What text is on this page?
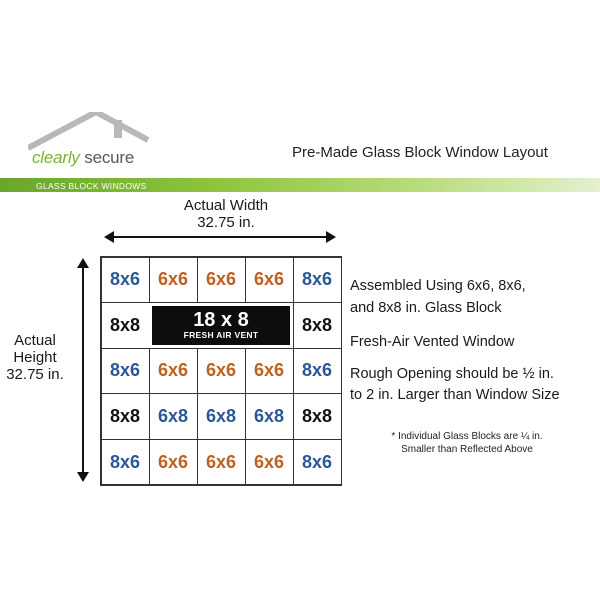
clearly secure	Pre-Made Glass Block Window Layout
GLASS BLOCK WINDOWS
Actual Width
32.75 in.
Actual
Height
32.75 in.
8x6 6x6 6x6 6x6 8x6
8x8	18 x 8
FRESH AIR VENT
8x8
8x6 6x6 6x6 6x6 8x6
8x8 6x8 6x8 6x8 8x8
8x6 6x6 6x6 6x6 8x6
Assembled Using 6x6, 8x6,
and 8x8 in. Glass Block
Fresh-Air Vented Window
Rough Opening should be ½ in.
to 2 in. Larger than Window Size
* Individual Glass Blocks are ¼ in.
Smaller than Reflected Above
